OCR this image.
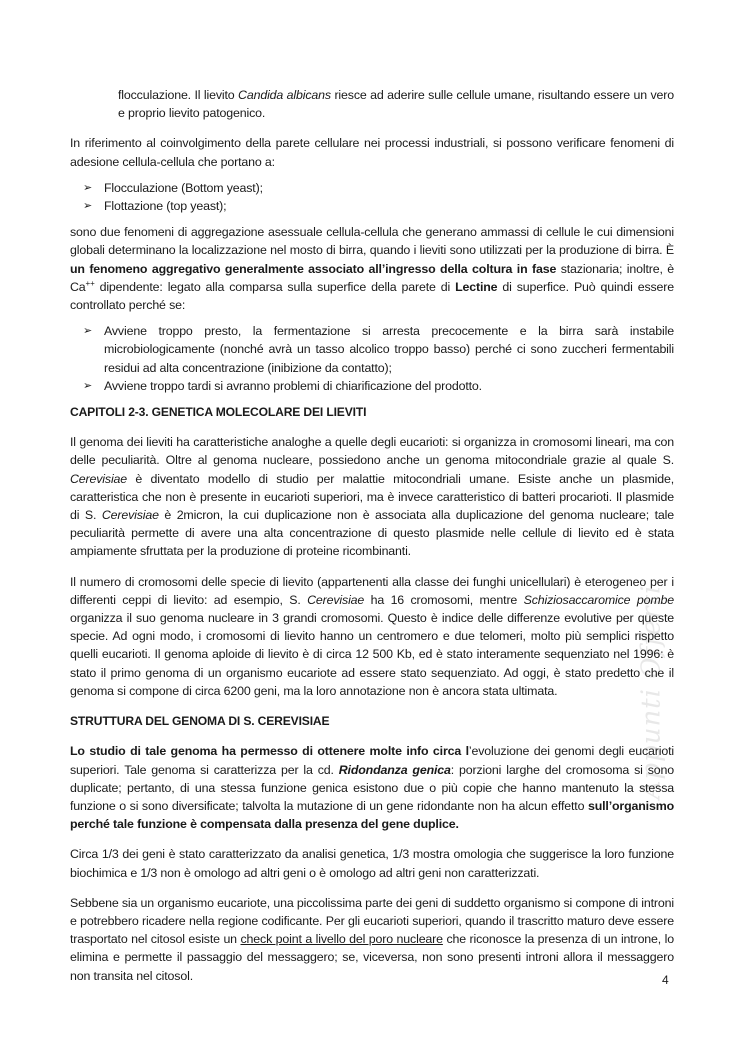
Appunti Offerti

flocculazione. Il lievito Candida albicans riesce ad aderire sulle cellule umane, risultando essere un vero e proprio lievito patogenico.

In riferimento al coinvolgimento della parete cellulare nei processi industriali, si possono verificare fenomeni di adesione cellula-cellula che portano a:

➢ Flocculazione (Bottom yeast);
➢ Flottazione (top yeast);

sono due fenomeni di aggregazione asessuale cellula-cellula che generano ammassi di cellule le cui dimensioni globali determinano la localizzazione nel mosto di birra, quando i lieviti sono utilizzati per la produzione di birra. È un fenomeno aggregativo generalmente associato all’ingresso della coltura in fase stazionaria; inoltre, è Ca++ dipendente: legato alla comparsa sulla superfice della parete di Lectine di superfice. Può quindi essere controllato perché se:

➢ Avviene troppo presto, la fermentazione si arresta precocemente e la birra sarà instabile microbiologicamente (nonché avrà un tasso alcolico troppo basso) perché ci sono zuccheri fermentabili residui ad alta concentrazione (inibizione da contatto);
➢ Avviene troppo tardi si avranno problemi di chiarificazione del prodotto.

CAPITOLI 2-3. GENETICA MOLECOLARE DEI LIEVITI

Il genoma dei lieviti ha caratteristiche analoghe a quelle degli eucarioti: si organizza in cromosomi lineari, ma con delle peculiarità. Oltre al genoma nucleare, possiedono anche un genoma mitocondriale grazie al quale S. Cerevisiae è diventato modello di studio per malattie mitocondriali umane. Esiste anche un plasmide, caratteristica che non è presente in eucarioti superiori, ma è invece caratteristico di batteri procarioti. Il plasmide di S. Cerevisiae è 2micron, la cui duplicazione non è associata alla duplicazione del genoma nucleare; tale peculiarità permette di avere una alta concentrazione di questo plasmide nelle cellule di lievito ed è stata ampiamente sfruttata per la produzione di proteine ricombinanti.

Il numero di cromosomi delle specie di lievito (appartenenti alla classe dei funghi unicellulari) è eterogeneo per i differenti ceppi di lievito: ad esempio, S. Cerevisiae ha 16 cromosomi, mentre Schiziosaccaromice pombe organizza il suo genoma nucleare in 3 grandi cromosomi. Questo è indice delle differenze evolutive per queste specie. Ad ogni modo, i cromosomi di lievito hanno un centromero e due telomeri, molto più semplici rispetto quelli eucarioti. Il genoma aploide di lievito è di circa 12 500 Kb, ed è stato interamente sequenziato nel 1996: è stato il primo genoma di un organismo eucariote ad essere stato sequenziato. Ad oggi, è stato predetto che il genoma si compone di circa 6200 geni, ma la loro annotazione non è ancora stata ultimata.

STRUTTURA DEL GENOMA DI S. CEREVISIAE

Lo studio di tale genoma ha permesso di ottenere molte info circa l’evoluzione dei genomi degli eucarioti superiori. Tale genoma si caratterizza per la cd. Ridondanza genica: porzioni larghe del cromosoma si sono duplicate; pertanto, di una stessa funzione genica esistono due o più copie che hanno mantenuto la stessa funzione o si sono diversificate; talvolta la mutazione di un gene ridondante non ha alcun effetto sull’organismo perché tale funzione è compensata dalla presenza del gene duplice.

Circa 1/3 dei geni è stato caratterizzato da analisi genetica, 1/3 mostra omologia che suggerisce la loro funzione biochimica e 1/3 non è omologo ad altri geni o è omologo ad altri geni non caratterizzati.

Sebbene sia un organismo eucariote, una piccolissima parte dei geni di suddetto organismo si compone di introni e potrebbero ricadere nella regione codificante. Per gli eucarioti superiori, quando il trascritto maturo deve essere trasportato nel citosol esiste un check point a livello del poro nucleare che riconosce la presenza di un introne, lo elimina e permette il passaggio del messaggero; se, viceversa, non sono presenti introni allora il messaggero non transita nel citosol.	4
